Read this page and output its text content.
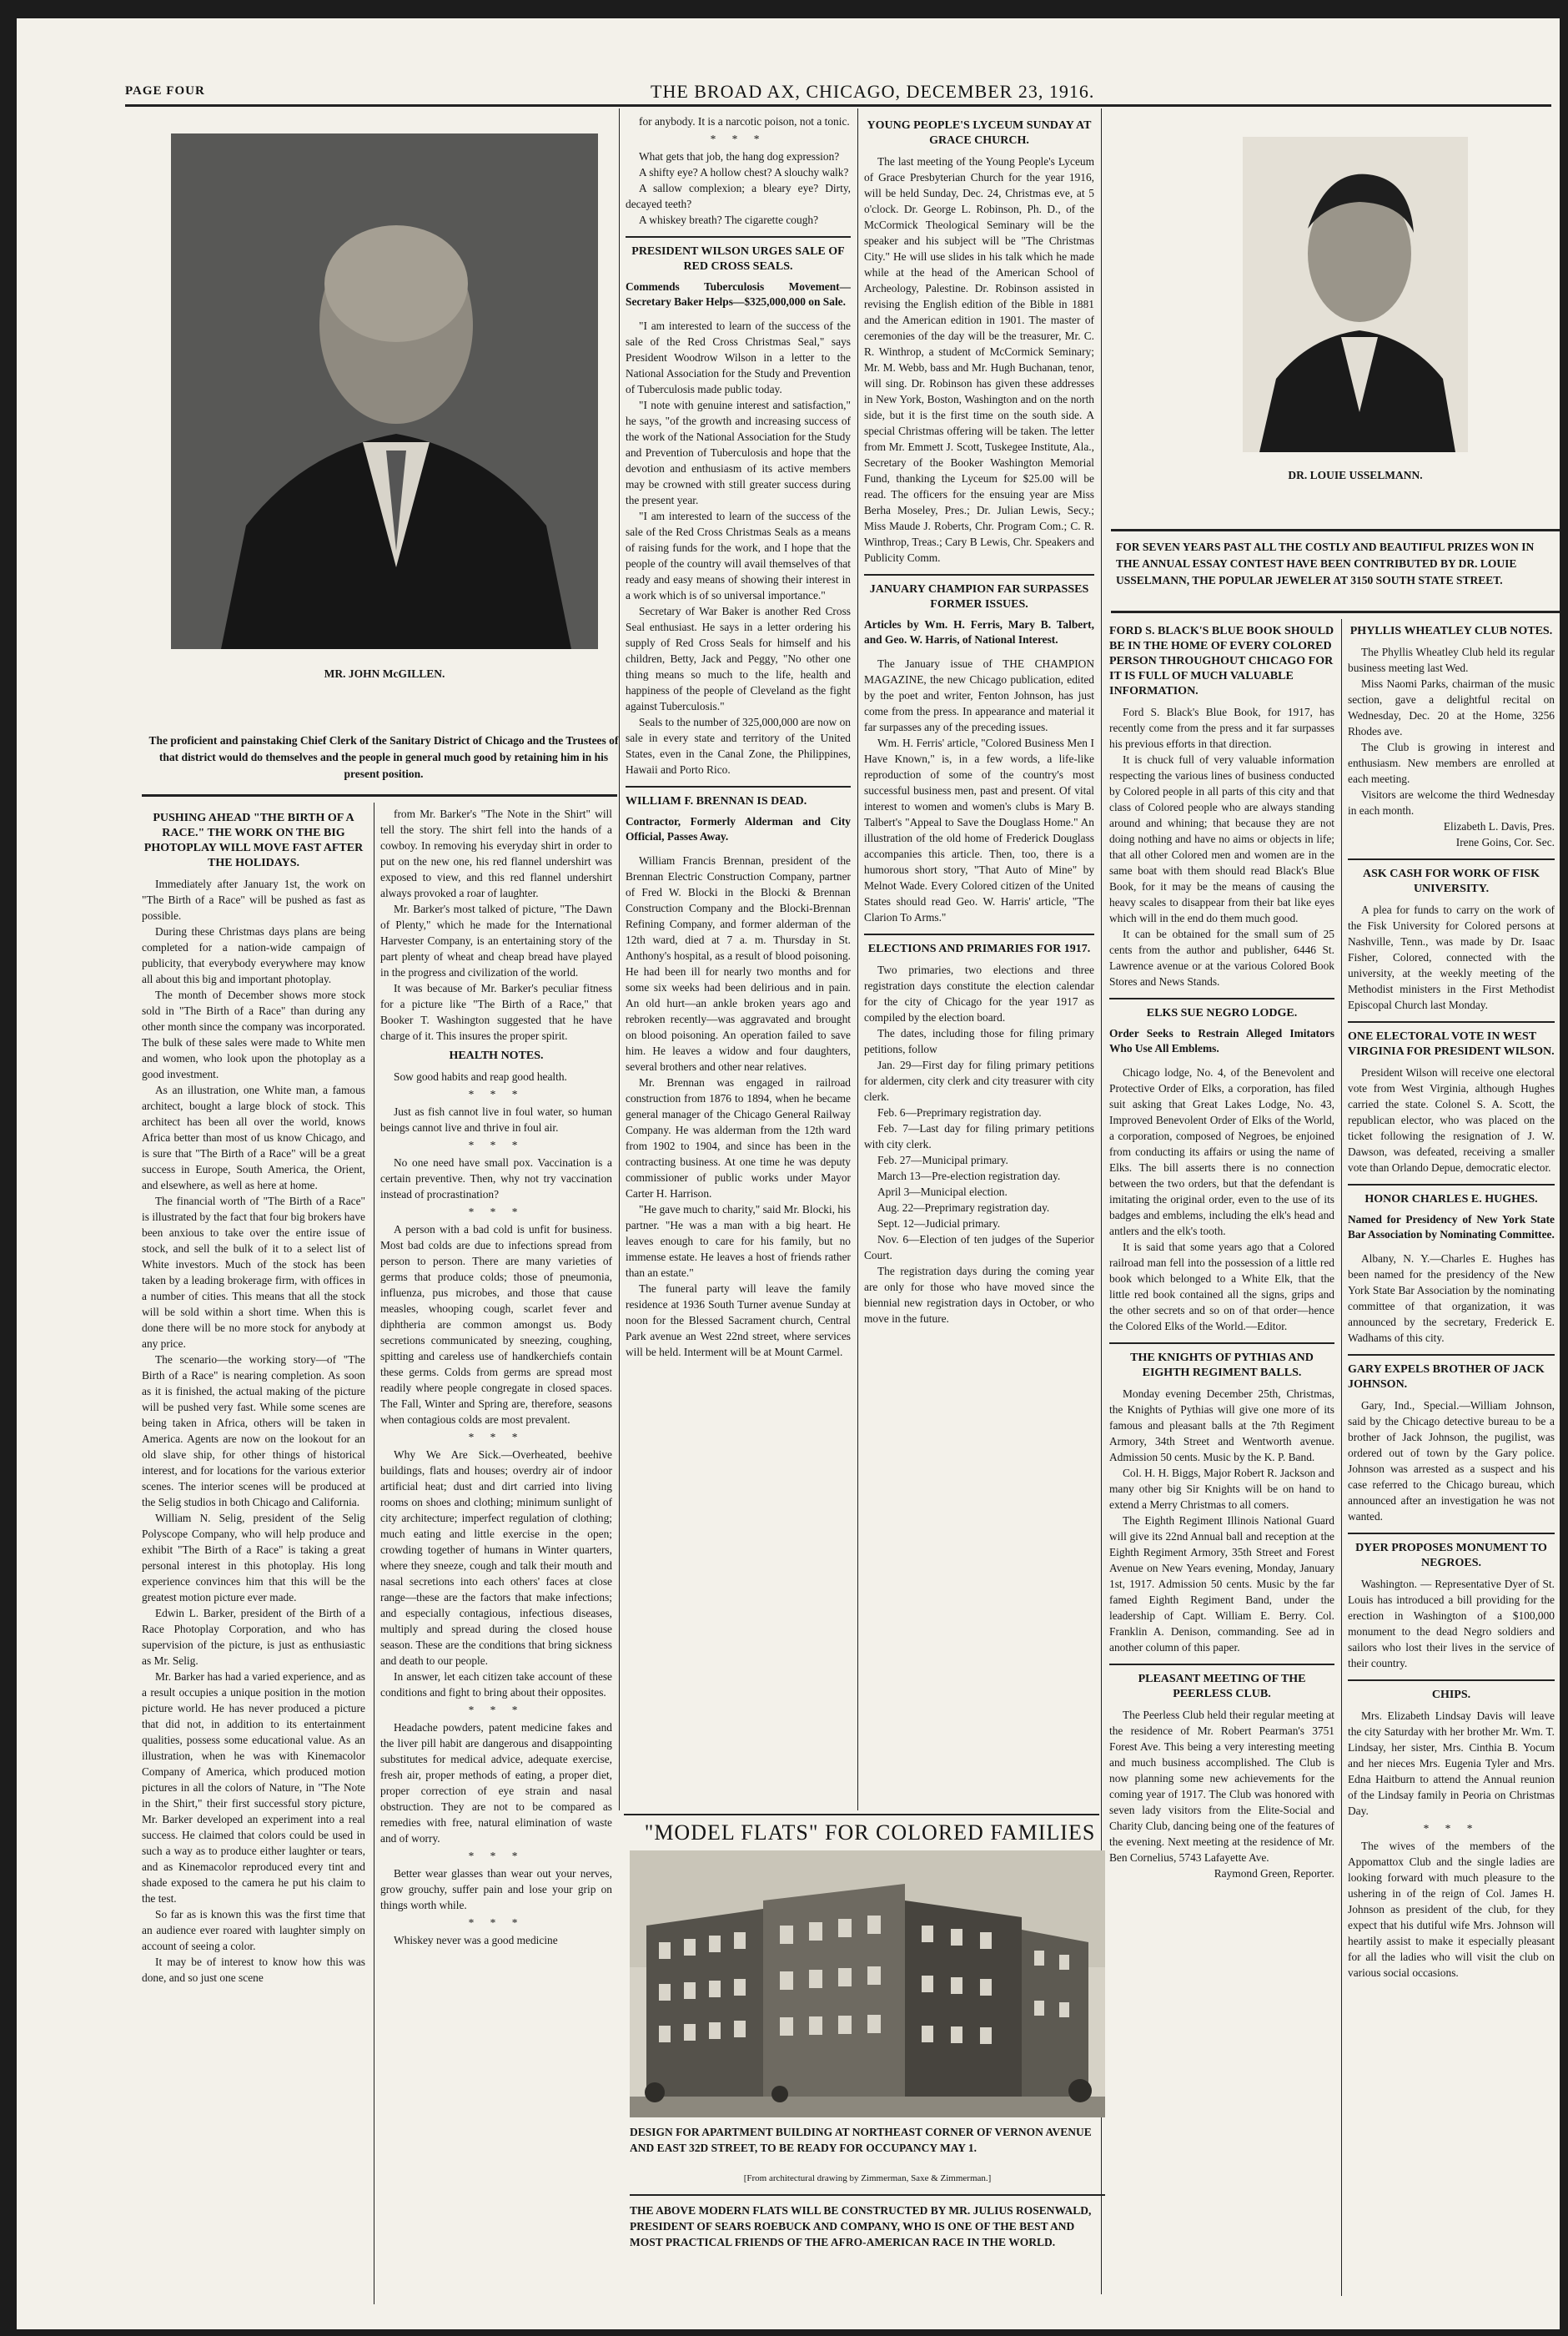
PAGE FOUR	THE BROAD AX, CHICAGO, DECEMBER 23, 1916.
MR. JOHN McGILLEN.
The proficient and painstaking Chief Clerk of the Sanitary District of Chicago and the Trustees of that district would do themselves and the people in general much good by retaining him in his present position.
PUSHING AHEAD "THE BIRTH OF A RACE." THE WORK ON THE BIG PHOTOPLAY WILL MOVE FAST AFTER THE HOLIDAYS.

Immediately after January 1st, the work on "The Birth of a Race" will be pushed as fast as possible.

During these Christmas days plans are being completed for a nation-wide campaign of publicity, that everybody everywhere may know all about this big and important photoplay.

The month of December shows more stock sold in "The Birth of a Race" than during any other month since the company was incorporated. The bulk of these sales were made to White men and women, who look upon the photoplay as a good investment.

As an illustration, one White man, a famous architect, bought a large block of stock. This architect has been all over the world, knows Africa better than most of us know Chicago, and is sure that "The Birth of a Race" will be a great success in Europe, South America, the Orient, and elsewhere, as well as here at home.

The financial worth of "The Birth of a Race" is illustrated by the fact that four big brokers have been anxious to take over the entire issue of stock, and sell the bulk of it to a select list of White investors. Much of the stock has been taken by a leading brokerage firm, with offices in a number of cities. This means that all the stock will be sold within a short time. When this is done there will be no more stock for anybody at any price.

The scenario—the working story—of "The Birth of a Race" is nearing completion. As soon as it is finished, the actual making of the picture will be pushed very fast. While some scenes are being taken in Africa, others will be taken in America. Agents are now on the lookout for an old slave ship, for other things of historical interest, and for locations for the various exterior scenes. The interior scenes will be produced at the Selig studios in both Chicago and California.

William N. Selig, president of the Selig Polyscope Company, who will help produce and exhibit "The Birth of a Race" is taking a great personal interest in this photoplay. His long experience convinces him that this will be the greatest motion picture ever made.

Edwin L. Barker, president of the Birth of a Race Photoplay Corporation, and who has supervision of the picture, is just as enthusiastic as Mr. Selig.

Mr. Barker has had a varied experience, and as a result occupies a unique position in the motion picture world. He has never produced a picture that did not, in addition to its entertainment qualities, possess some educational value. As an illustration, when he was with Kinemacolor Company of America, which produced motion pictures in all the colors of Nature, in "The Note in the Shirt," their first successful story picture, Mr. Barker developed an experiment into a real success. He claimed that colors could be used in such a way as to produce either laughter or tears, and as Kinemacolor reproduced every tint and shade exposed to the camera he put his claim to the test.

So far as is known this was the first time that an audience ever roared with laughter simply on account of seeing a color.

It may be of interest to know how this was done, and so just one scene

from Mr. Barker's "The Note in the Shirt" will tell the story. The shirt fell into the hands of a cowboy. In removing his everyday shirt in order to put on the new one, his red flannel undershirt was exposed to view, and this red flannel undershirt always provoked a roar of laughter.

Mr. Barker's most talked of picture, "The Dawn of Plenty," which he made for the International Harvester Company, is an entertaining story of the part plenty of wheat and cheap bread have played in the progress and civilization of the world.

It was because of Mr. Barker's peculiar fitness for a picture like "The Birth of a Race," that Booker T. Washington suggested that he have charge of it. This insures the proper spirit.

HEALTH NOTES.

Sow good habits and reap good health.

* * *

Just as fish cannot live in foul water, so human beings cannot live and thrive in foul air.

* * *

No one need have small pox. Vaccination is a certain preventive. Then, why not try vaccination instead of procrastination?

* * *

A person with a bad cold is unfit for business. Most bad colds are due to infections spread from person to person. There are many varieties of germs that produce colds; those of pneumonia, influenza, pus microbes, and those that cause measles, whooping cough, scarlet fever and diphtheria are common amongst us. Body secretions communicated by sneezing, coughing, spitting and careless use of handkerchiefs contain these germs. Colds from germs are spread most readily where people congregate in closed spaces. The Fall, Winter and Spring are, therefore, seasons when contagious colds are most prevalent.

* * *

Why We Are Sick.—Overheated, beehive buildings, flats and houses; overdry air of indoor artificial heat; dust and dirt carried into living rooms on shoes and clothing; minimum sunlight of city architecture; imperfect regulation of clothing; much eating and little exercise in the open; crowding together of humans in Winter quarters, where they sneeze, cough and talk their mouth and nasal secretions into each others' faces at close range—these are the factors that make infections; and especially contagious, infectious diseases, multiply and spread during the closed house season. These are the conditions that bring sickness and death to our people.

In answer, let each citizen take account of these conditions and fight to bring about their opposites.

* * *

Headache powders, patent medicine fakes and the liver pill habit are dangerous and disappointing substitutes for medical advice, adequate exercise, fresh air, proper methods of eating, a proper diet, proper correction of eye strain and nasal obstruction. They are not to be compared as remedies with free, natural elimination of waste and of worry.

* * *

Better wear glasses than wear out your nerves, grow grouchy, suffer pain and lose your grip on things worth while.

* * *

Whiskey never was a good medicine

for anybody. It is a narcotic poison, not a tonic.

* * *

What gets that job, the hang dog expression?

A shifty eye? A hollow chest? A slouchy walk?

A sallow complexion; a bleary eye? Dirty, decayed teeth?

A whiskey breath? The cigarette cough?

PRESIDENT WILSON URGES SALE OF RED CROSS SEALS.
Commends Tuberculosis Movement—Secretary Baker Helps—$325,000,000 on Sale.

"I am interested to learn of the success of the sale of the Red Cross Christmas Seal," says President Woodrow Wilson in a letter to the National Association for the Study and Prevention of Tuberculosis made public today.

"I note with genuine interest and satisfaction," he says, "of the growth and increasing success of the work of the National Association for the Study and Prevention of Tuberculosis and hope that the devotion and enthusiasm of its active members may be crowned with still greater success during the present year.

"I am interested to learn of the success of the sale of the Red Cross Christmas Seals as a means of raising funds for the work, and I hope that the people of the country will avail themselves of that ready and easy means of showing their interest in a work which is of so universal importance."

Secretary of War Baker is another Red Cross Seal enthusiast. He says in a letter ordering his supply of Red Cross Seals for himself and his children, Betty, Jack and Peggy, "No other one thing means so much to the life, health and happiness of the people of Cleveland as the fight against Tuberculosis."

Seals to the number of 325,000,000 are now on sale in every state and territory of the United States, even in the Canal Zone, the Philippines, Hawaii and Porto Rico.

WILLIAM F. BRENNAN IS DEAD.
Contractor, Formerly Alderman and City Official, Passes Away.

William Francis Brennan, president of the Brennan Electric Construction Company, partner of Fred W. Blocki in the Blocki & Brennan Construction Company and the Blocki-Brennan Refining Company, and former alderman of the 12th ward, died at 7 a. m. Thursday in St. Anthony's hospital, as a result of blood poisoning. He had been ill for nearly two months and for some six weeks had been delirious and in pain. An old hurt—an ankle broken years ago and rebroken recently—was aggravated and brought on blood poisoning. An operation failed to save him. He leaves a widow and four daughters, several brothers and other near relatives.

Mr. Brennan was engaged in railroad construction from 1876 to 1894, when he became general manager of the Chicago General Railway Company. He was alderman from the 12th ward from 1902 to 1904, and since has been in the contracting business. At one time he was deputy commissioner of public works under Mayor Carter H. Harrison.

"He gave much to charity," said Mr. Blocki, his partner. "He was a man with a big heart. He leaves enough to care for his family, but no immense estate. He leaves a host of friends rather than an estate."

The funeral party will leave the family residence at 1936 South Turner avenue Sunday at noon for the Blessed Sacrament church, Central Park avenue an West 22nd street, where services will be held. Interment will be at Mount Carmel.

YOUNG PEOPLE'S LYCEUM SUNDAY AT GRACE CHURCH.

The last meeting of the Young People's Lyceum of Grace Presbyterian Church for the year 1916, will be held Sunday, Dec. 24, Christmas eve, at 5 o'clock. Dr. George L. Robinson, Ph. D., of the McCormick Theological Seminary will be the speaker and his subject will be "The Christmas City." He will use slides in his talk which he made while at the head of the American School of Archeology, Palestine. Dr. Robinson assisted in revising the English edition of the Bible in 1881 and the American edition in 1901. The master of ceremonies of the day will be the treasurer, Mr. C. R. Winthrop, a student of McCormick Seminary; Mr. M. Webb, bass and Mr. Hugh Buchanan, tenor, will sing. Dr. Robinson has given these addresses in New York, Boston, Washington and on the north side, but it is the first time on the south side. A special Christmas offering will be taken. The letter from Mr. Emmett J. Scott, Tuskegee Institute, Ala., Secretary of the Booker Washington Memorial Fund, thanking the Lyceum for $25.00 will be read. The officers for the ensuing year are Miss Berha Moseley, Pres.; Dr. Julian Lewis, Secy.; Miss Maude J. Roberts, Chr. Program Com.; C. R. Winthrop, Treas.; Cary B Lewis, Chr. Speakers and Publicity Comm.

JANUARY CHAMPION FAR SURPASSES FORMER ISSUES.
Articles by Wm. H. Ferris, Mary B. Talbert, and Geo. W. Harris, of National Interest.

The January issue of THE CHAMPION MAGAZINE, the new Chicago publication, edited by the poet and writer, Fenton Johnson, has just come from the press. In appearance and material it far surpasses any of the preceding issues.

Wm. H. Ferris' article, "Colored Business Men I Have Known," is, in a few words, a life-like reproduction of some of the country's most successful business men, past and present. Of vital interest to women and women's clubs is Mary B. Talbert's "Appeal to Save the Douglass Home." An illustration of the old home of Frederick Douglass accompanies this article. Then, too, there is a humorous short story, "That Auto of Mine" by Melnot Wade. Every Colored citizen of the United States should read Geo. W. Harris' article, "The Clarion To Arms."

ELECTIONS AND PRIMARIES FOR 1917.

Two primaries, two elections and three registration days constitute the election calendar for the city of Chicago for the year 1917 as compiled by the election board.

The dates, including those for filing primary petitions, follow

Jan. 29—First day for filing primary petitions for aldermen, city clerk and city treasurer with city clerk.

Feb. 6—Preprimary registration day.

Feb. 7—Last day for filing primary petitions with city clerk.

Feb. 27—Municipal primary.

March 13—Pre-election registration day.

April 3—Municipal election.

Aug. 22—Preprimary registration day.

Sept. 12—Judicial primary.

Nov. 6—Election of ten judges of the Superior Court.

The registration days during the coming year are only for those who have moved since the biennial new registration days in October, or who move in the future.

"MODEL FLATS" FOR COLORED FAMILIES
DESIGN FOR APARTMENT BUILDING AT NORTHEAST CORNER OF VERNON AVENUE AND EAST 32D STREET, TO BE READY FOR OCCUPANCY MAY 1.
[From architectural drawing by Zimmerman, Saxe & Zimmerman.]
THE ABOVE MODERN FLATS WILL BE CONSTRUCTED BY MR. JULIUS ROSENWALD, PRESIDENT OF SEARS ROEBUCK AND COMPANY, WHO IS ONE OF THE BEST AND MOST PRACTICAL FRIENDS OF THE AFRO-AMERICAN RACE IN THE WORLD.
DR. LOUIE USSELMANN.
FOR SEVEN YEARS PAST ALL THE COSTLY AND BEAUTIFUL PRIZES WON IN THE ANNUAL ESSAY CONTEST HAVE BEEN CONTRIBUTED BY DR. LOUIE USSELMANN, THE POPULAR JEWELER AT 3150 SOUTH STATE STREET.
FORD S. BLACK'S BLUE BOOK SHOULD BE IN THE HOME OF EVERY COLORED PERSON THROUGHOUT CHICAGO FOR IT IS FULL OF MUCH VALUABLE INFORMATION.

Ford S. Black's Blue Book, for 1917, has recently come from the press and it far surpasses his previous efforts in that direction.

It is chuck full of very valuable information respecting the various lines of business conducted by Colored people in all parts of this city and that class of Colored people who are always standing around and whining; that because they are not doing nothing and have no aims or objects in life; that all other Colored men and women are in the same boat with them should read Black's Blue Book, for it may be the means of causing the heavy scales to disappear from their bat like eyes which will in the end do them much good.

It can be obtained for the small sum of 25 cents from the author and publisher, 6446 St. Lawrence avenue or at the various Colored Book Stores and News Stands.

ELKS SUE NEGRO LODGE.
Order Seeks to Restrain Alleged Imitators Who Use All Emblems.

Chicago lodge, No. 4, of the Benevolent and Protective Order of Elks, a corporation, has filed suit asking that Great Lakes Lodge, No. 43, Improved Benevolent Order of Elks of the World, a corporation, composed of Negroes, be enjoined from conducting its affairs or using the name of Elks. The bill asserts there is no connection between the two orders, but that the defendant is imitating the original order, even to the use of its badges and emblems, including the elk's head and antlers and the elk's tooth.

It is said that some years ago that a Colored railroad man fell into the possession of a little red book which belonged to a White Elk, that the little red book contained all the signs, grips and the other secrets and so on of that order—hence the Colored Elks of the World.—Editor.

THE KNIGHTS OF PYTHIAS AND EIGHTH REGIMENT BALLS.

Monday evening December 25th, Christmas, the Knights of Pythias will give one more of its famous and pleasant balls at the 7th Regiment Armory, 34th Street and Wentworth avenue. Admission 50 cents. Music by the K. P. Band.

Col. H. H. Biggs, Major Robert R. Jackson and many other big Sir Knights will be on hand to extend a Merry Christmas to all comers.

The Eighth Regiment Illinois National Guard will give its 22nd Annual ball and reception at the Eighth Regiment Armory, 35th Street and Forest Avenue on New Years evening, Monday, January 1st, 1917. Admission 50 cents. Music by the far famed Eighth Regiment Band, under the leadership of Capt. William E. Berry. Col. Franklin A. Denison, commanding. See ad in another column of this paper.

PLEASANT MEETING OF THE PEERLESS CLUB.

The Peerless Club held their regular meeting at the residence of Mr. Robert Pearman's 3751 Forest Ave. This being a very interesting meeting and much business accomplished. The Club is now planning some new achievements for the coming year of 1917. The Club was honored with seven lady visitors from the Elite-Social and Charity Club, dancing being one of the features of the evening. Next meeting at the residence of Mr. Ben Cornelius, 5743 Lafayette Ave.

Raymond Green, Reporter.

PHYLLIS WHEATLEY CLUB NOTES.

The Phyllis Wheatley Club held its regular business meeting last Wed.

Miss Naomi Parks, chairman of the music section, gave a delightful recital on Wednesday, Dec. 20 at the Home, 3256 Rhodes ave.

The Club is growing in interest and enthusiasm. New members are enrolled at each meeting.

Visitors are welcome the third Wednesday in each month.

Elizabeth L. Davis, Pres.

Irene Goins, Cor. Sec.

ASK CASH FOR WORK OF FISK UNIVERSITY.

A plea for funds to carry on the work of the Fisk University for Colored persons at Nashville, Tenn., was made by Dr. Isaac Fisher, Colored, connected with the university, at the weekly meeting of the Methodist ministers in the First Methodist Episcopal Church last Monday.

ONE ELECTORAL VOTE IN WEST VIRGINIA FOR PRESIDENT WILSON.

President Wilson will receive one electoral vote from West Virginia, although Hughes carried the state. Colonel S. A. Scott, the republican elector, who was placed on the ticket following the resignation of J. W. Dawson, was defeated, receiving a smaller vote than Orlando Depue, democratic elector.

HONOR CHARLES E. HUGHES.
Named for Presidency of New York State Bar Association by Nominating Committee.

Albany, N. Y.—Charles E. Hughes has been named for the presidency of the New York State Bar Association by the nominating committee of that organization, it was announced by the secretary, Frederick E. Wadhams of this city.

GARY EXPELS BROTHER OF JACK JOHNSON.

Gary, Ind., Special.—William Johnson, said by the Chicago detective bureau to be a brother of Jack Johnson, the pugilist, was ordered out of town by the Gary police. Johnson was arrested as a suspect and his case referred to the Chicago bureau, which announced after an investigation he was not wanted.

DYER PROPOSES MONUMENT TO NEGROES.

Washington. — Representative Dyer of St. Louis has introduced a bill providing for the erection in Washington of a $100,000 monument to the dead Negro soldiers and sailors who lost their lives in the service of their country.

CHIPS.

Mrs. Elizabeth Lindsay Davis will leave the city Saturday with her brother Mr. Wm. T. Lindsay, her sister, Mrs. Cinthia B. Yocum and her nieces Mrs. Eugenia Tyler and Mrs. Edna Haitburn to attend the Annual reunion of the Lindsay family in Peoria on Christmas Day.

* * *

The wives of the members of the Appomattox Club and the single ladies are looking forward with much pleasure to the ushering in of the reign of Col. James H. Johnson as president of the club, for they expect that his dutiful wife Mrs. Johnson will heartily assist to make it especially pleasant for all the ladies who will visit the club on various social occasions.
